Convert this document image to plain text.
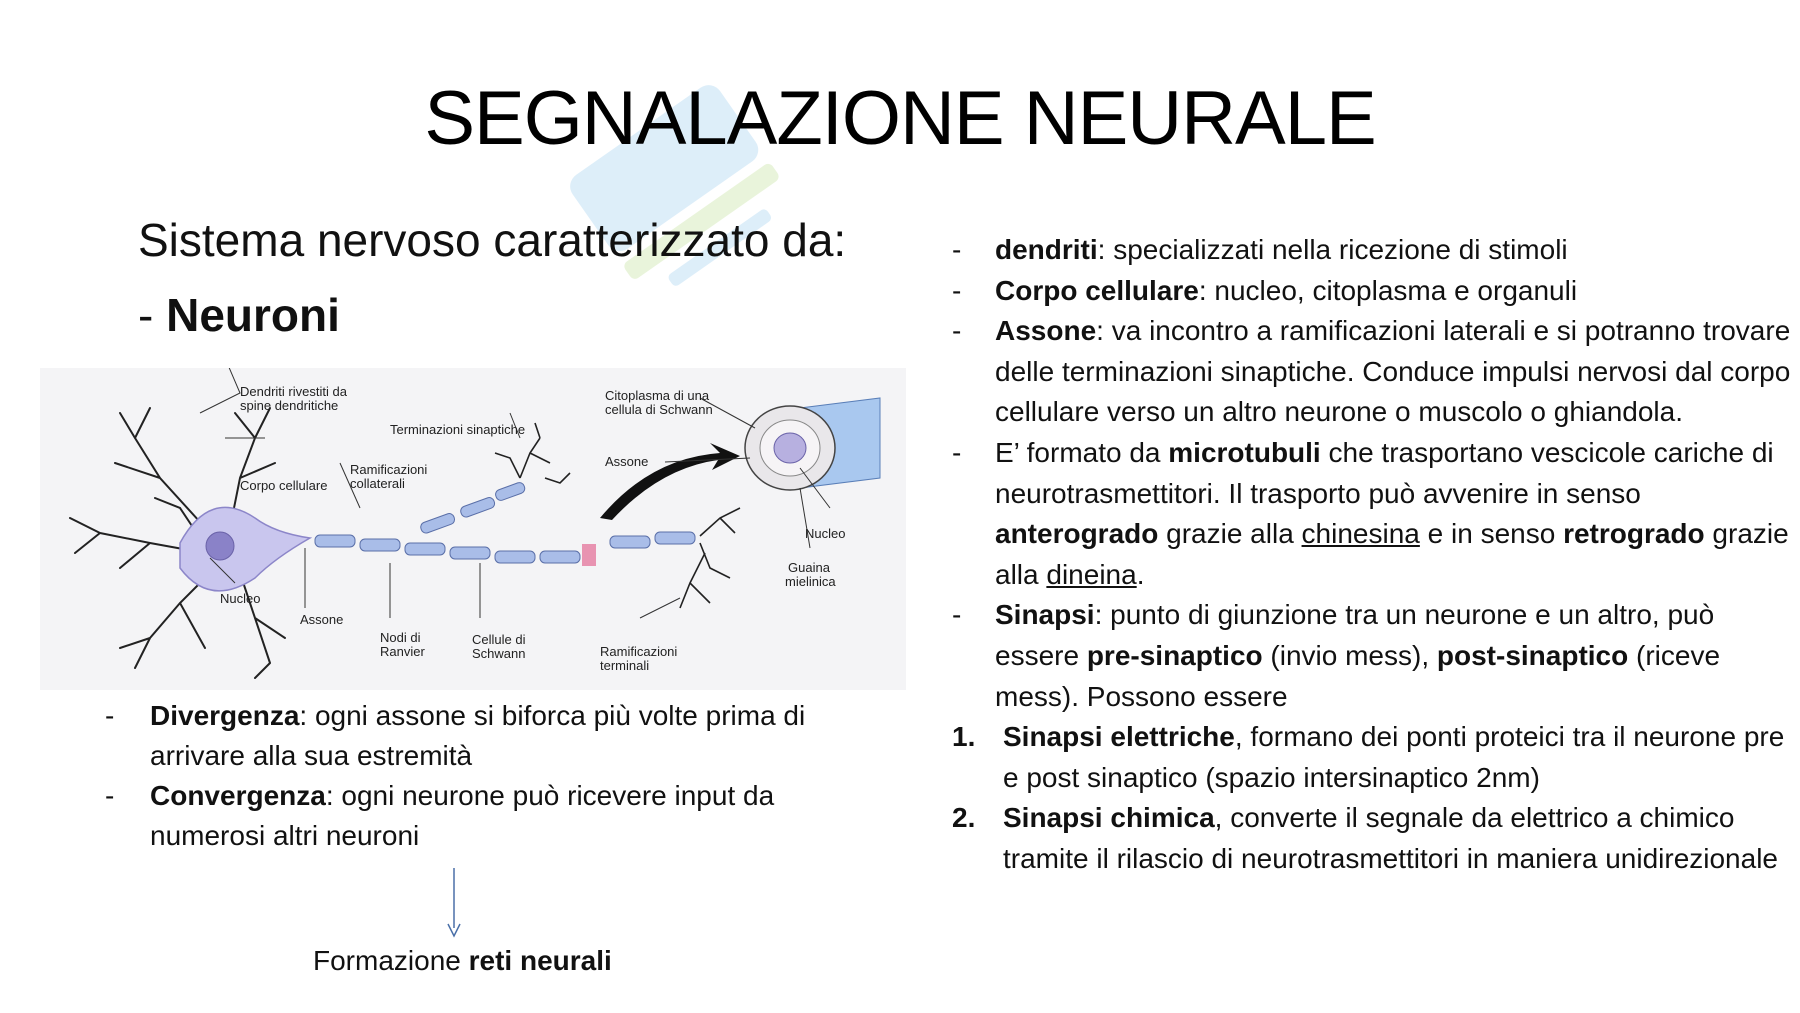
SEGNALAZIONE NEURALE
Sistema nervoso caratterizzato da:
- Neuroni
Dendriti rivestiti da spine dendritiche
Corpo cellulare
Nucleo
Assone
Nodi di Ranvier
Cellule di Schwann
Ramificazioni collaterali
Terminazioni sinaptiche
Ramificazioni terminali
Citoplasma di una cellula di Schwann
Assone
Nucleo
Guaina mielinica
- Divergenza: ogni assone si biforca più volte prima di arrivare alla sua estremità
- Convergenza: ogni neurone può ricevere input da numerosi altri neuroni
Formazione reti neurali
- dendriti: specializzati nella ricezione di stimoli
- Corpo cellulare: nucleo, citoplasma e organuli
- Assone: va incontro a ramificazioni laterali e si potranno trovare delle terminazioni sinaptiche. Conduce impulsi nervosi dal corpo cellulare verso un altro neurone o muscolo o ghiandola.
- E’ formato da microtubuli che trasportano vescicole cariche di neurotrasmettitori. Il trasporto può avvenire in senso anterogrado grazie alla chinesina e in senso retrogrado grazie alla dineina.
- Sinapsi: punto di giunzione tra un neurone e un altro, può essere pre-sinaptico (invio mess), post-sinaptico (riceve mess). Possono essere
1. Sinapsi elettriche, formano dei ponti proteici tra il neurone pre e post sinaptico (spazio intersinaptico 2nm)
2. Sinapsi chimica, converte il segnale da elettrico a chimico tramite il rilascio di neurotrasmettitori in maniera unidirezionale
